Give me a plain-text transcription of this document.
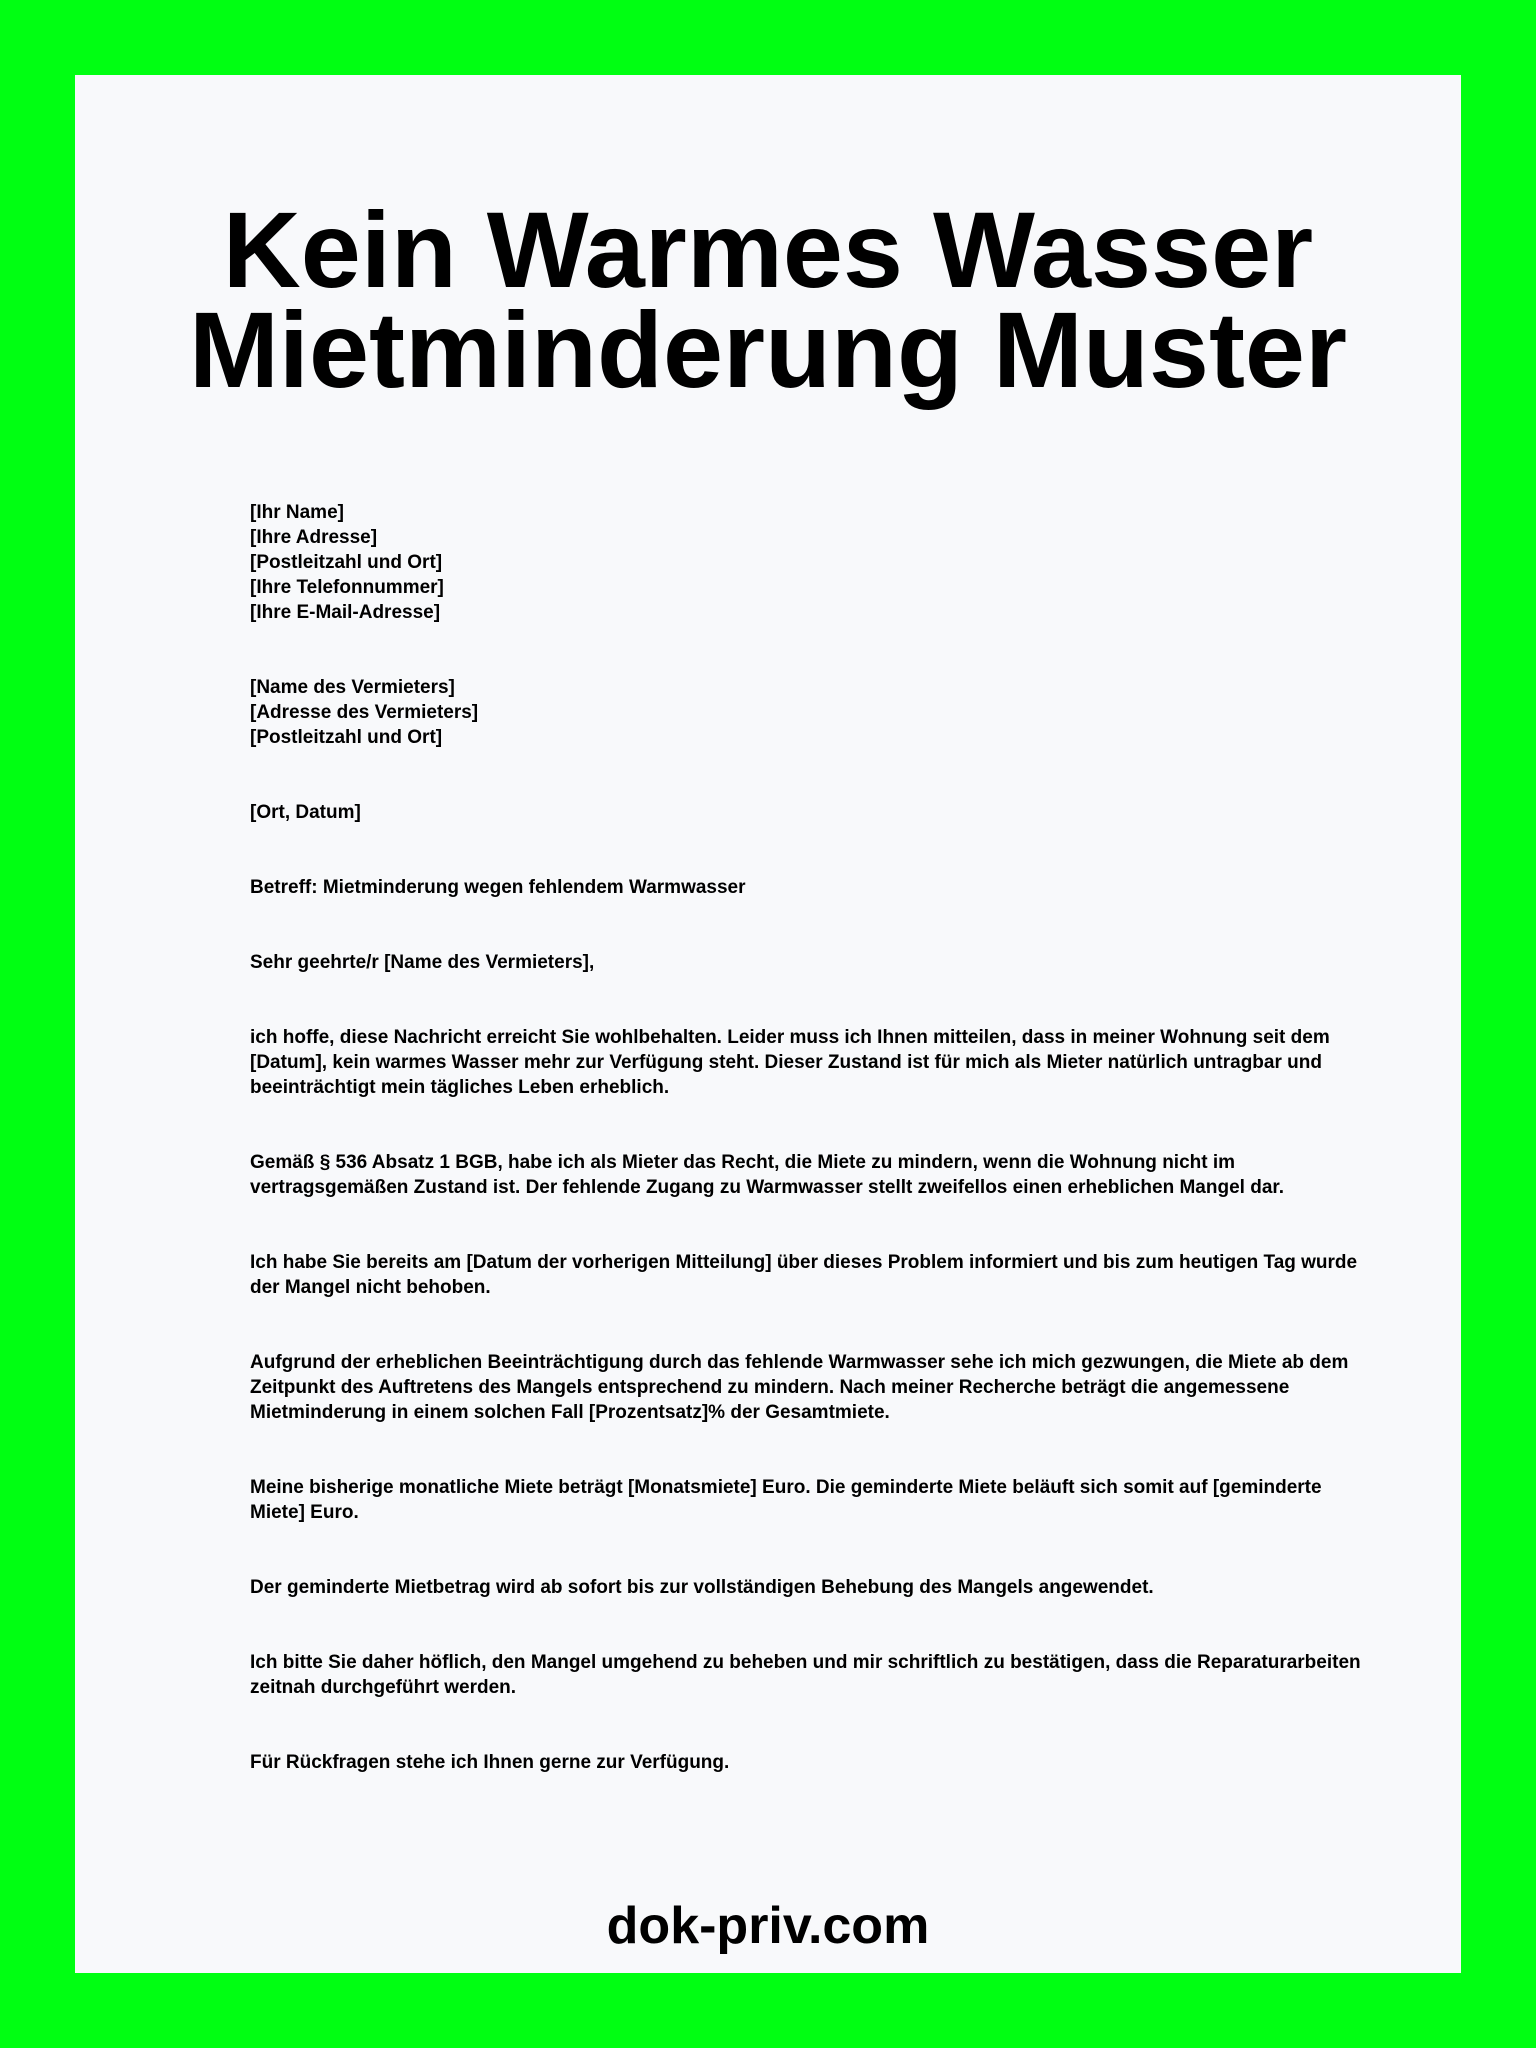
Kein Warmes Wasser
Mietminderung Muster
[Ihr Name]
[Ihre Adresse]
[Postleitzahl und Ort]
[Ihre Telefonnummer]
[Ihre E-Mail-Adresse]
[Name des Vermieters]
[Adresse des Vermieters]
[Postleitzahl und Ort]
[Ort, Datum]
Betreff: Mietminderung wegen fehlendem Warmwasser
Sehr geehrte/r [Name des Vermieters],
ich hoffe, diese Nachricht erreicht Sie wohlbehalten. Leider muss ich Ihnen mitteilen, dass in meiner Wohnung seit dem [Datum], kein warmes Wasser mehr zur Verfügung steht. Dieser Zustand ist für mich als Mieter natürlich untragbar und beeinträchtigt mein tägliches Leben erheblich.
Gemäß § 536 Absatz 1 BGB, habe ich als Mieter das Recht, die Miete zu mindern, wenn die Wohnung nicht im vertragsgemäßen Zustand ist. Der fehlende Zugang zu Warmwasser stellt zweifellos einen erheblichen Mangel dar.
Ich habe Sie bereits am [Datum der vorherigen Mitteilung] über dieses Problem informiert und bis zum heutigen Tag wurde der Mangel nicht behoben.
Aufgrund der erheblichen Beeinträchtigung durch das fehlende Warmwasser sehe ich mich gezwungen, die Miete ab dem Zeitpunkt des Auftretens des Mangels entsprechend zu mindern. Nach meiner Recherche beträgt die angemessene Mietminderung in einem solchen Fall [Prozentsatz]% der Gesamtmiete.
Meine bisherige monatliche Miete beträgt [Monatsmiete] Euro. Die geminderte Miete beläuft sich somit auf [geminderte Miete] Euro.
Der geminderte Mietbetrag wird ab sofort bis zur vollständigen Behebung des Mangels angewendet.
Ich bitte Sie daher höflich, den Mangel umgehend zu beheben und mir schriftlich zu bestätigen, dass die Reparaturarbeiten zeitnah durchgeführt werden.
Für Rückfragen stehe ich Ihnen gerne zur Verfügung.
dok-priv.com
